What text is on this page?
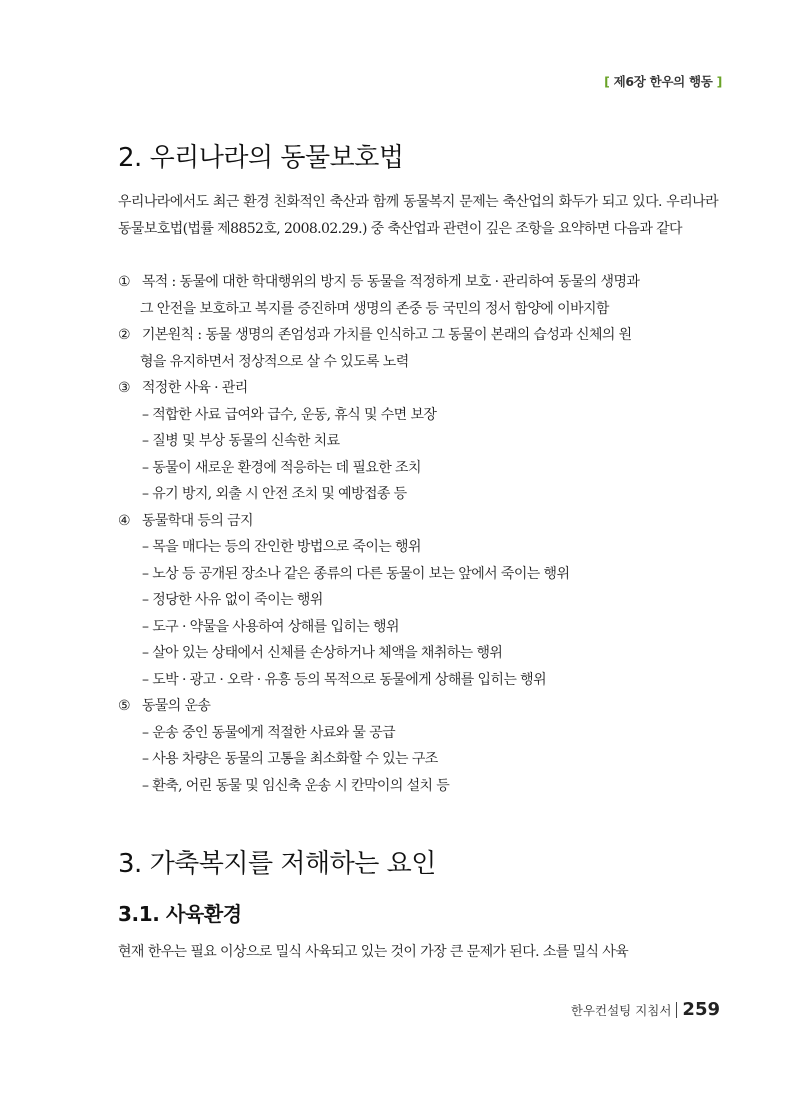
[ 제6장 한우의 행동 ]
2. 우리나라의 동물보호법

우리나라에서도 최근 환경 친화적인 축산과 함께 동물복지 문제는 축산업의 화두가 되고 있다. 우리나라 동물보호법(법률 제8852호, 2008.02.29.) 중 축산업과 관련이 깊은 조항을 요약하면 다음과 같다

① 목적 : 동물에 대한 학대행위의 방지 등 동물을 적정하게 보호 · 관리하여 동물의 생명과
그 안전을 보호하고 복지를 증진하며 생명의 존중 등 국민의 정서 함양에 이바지함
② 기본원칙 : 동물 생명의 존엄성과 가치를 인식하고 그 동물이 본래의 습성과 신체의 원
형을 유지하면서 정상적으로 살 수 있도록 노력
③ 적정한 사육 · 관리
– 적합한 사료 급여와 급수, 운동, 휴식 및 수면 보장
– 질병 및 부상 동물의 신속한 치료
– 동물이 새로운 환경에 적응하는 데 필요한 조치
– 유기 방지, 외출 시 안전 조치 및 예방접종 등
④ 동물학대 등의 금지
– 목을 매다는 등의 잔인한 방법으로 죽이는 행위
– 노상 등 공개된 장소나 같은 종류의 다른 동물이 보는 앞에서 죽이는 행위
– 정당한 사유 없이 죽이는 행위
– 도구 · 약물을 사용하여 상해를 입히는 행위
– 살아 있는 상태에서 신체를 손상하거나 체액을 채취하는 행위
– 도박 · 광고 · 오락 · 유흥 등의 목적으로 동물에게 상해를 입히는 행위
⑤ 동물의 운송
– 운송 중인 동물에게 적절한 사료와 물 공급
– 사용 차량은 동물의 고통을 최소화할 수 있는 구조
– 환축, 어린 동물 및 임신축 운송 시 칸막이의 설치 등
3. 가축복지를 저해하는 요인
3.1. 사육환경

현재 한우는 필요 이상으로 밀식 사육되고 있는 것이 가장 큰 문제가 된다. 소를 밀식 사육

한우컨설팅 지침서 259
